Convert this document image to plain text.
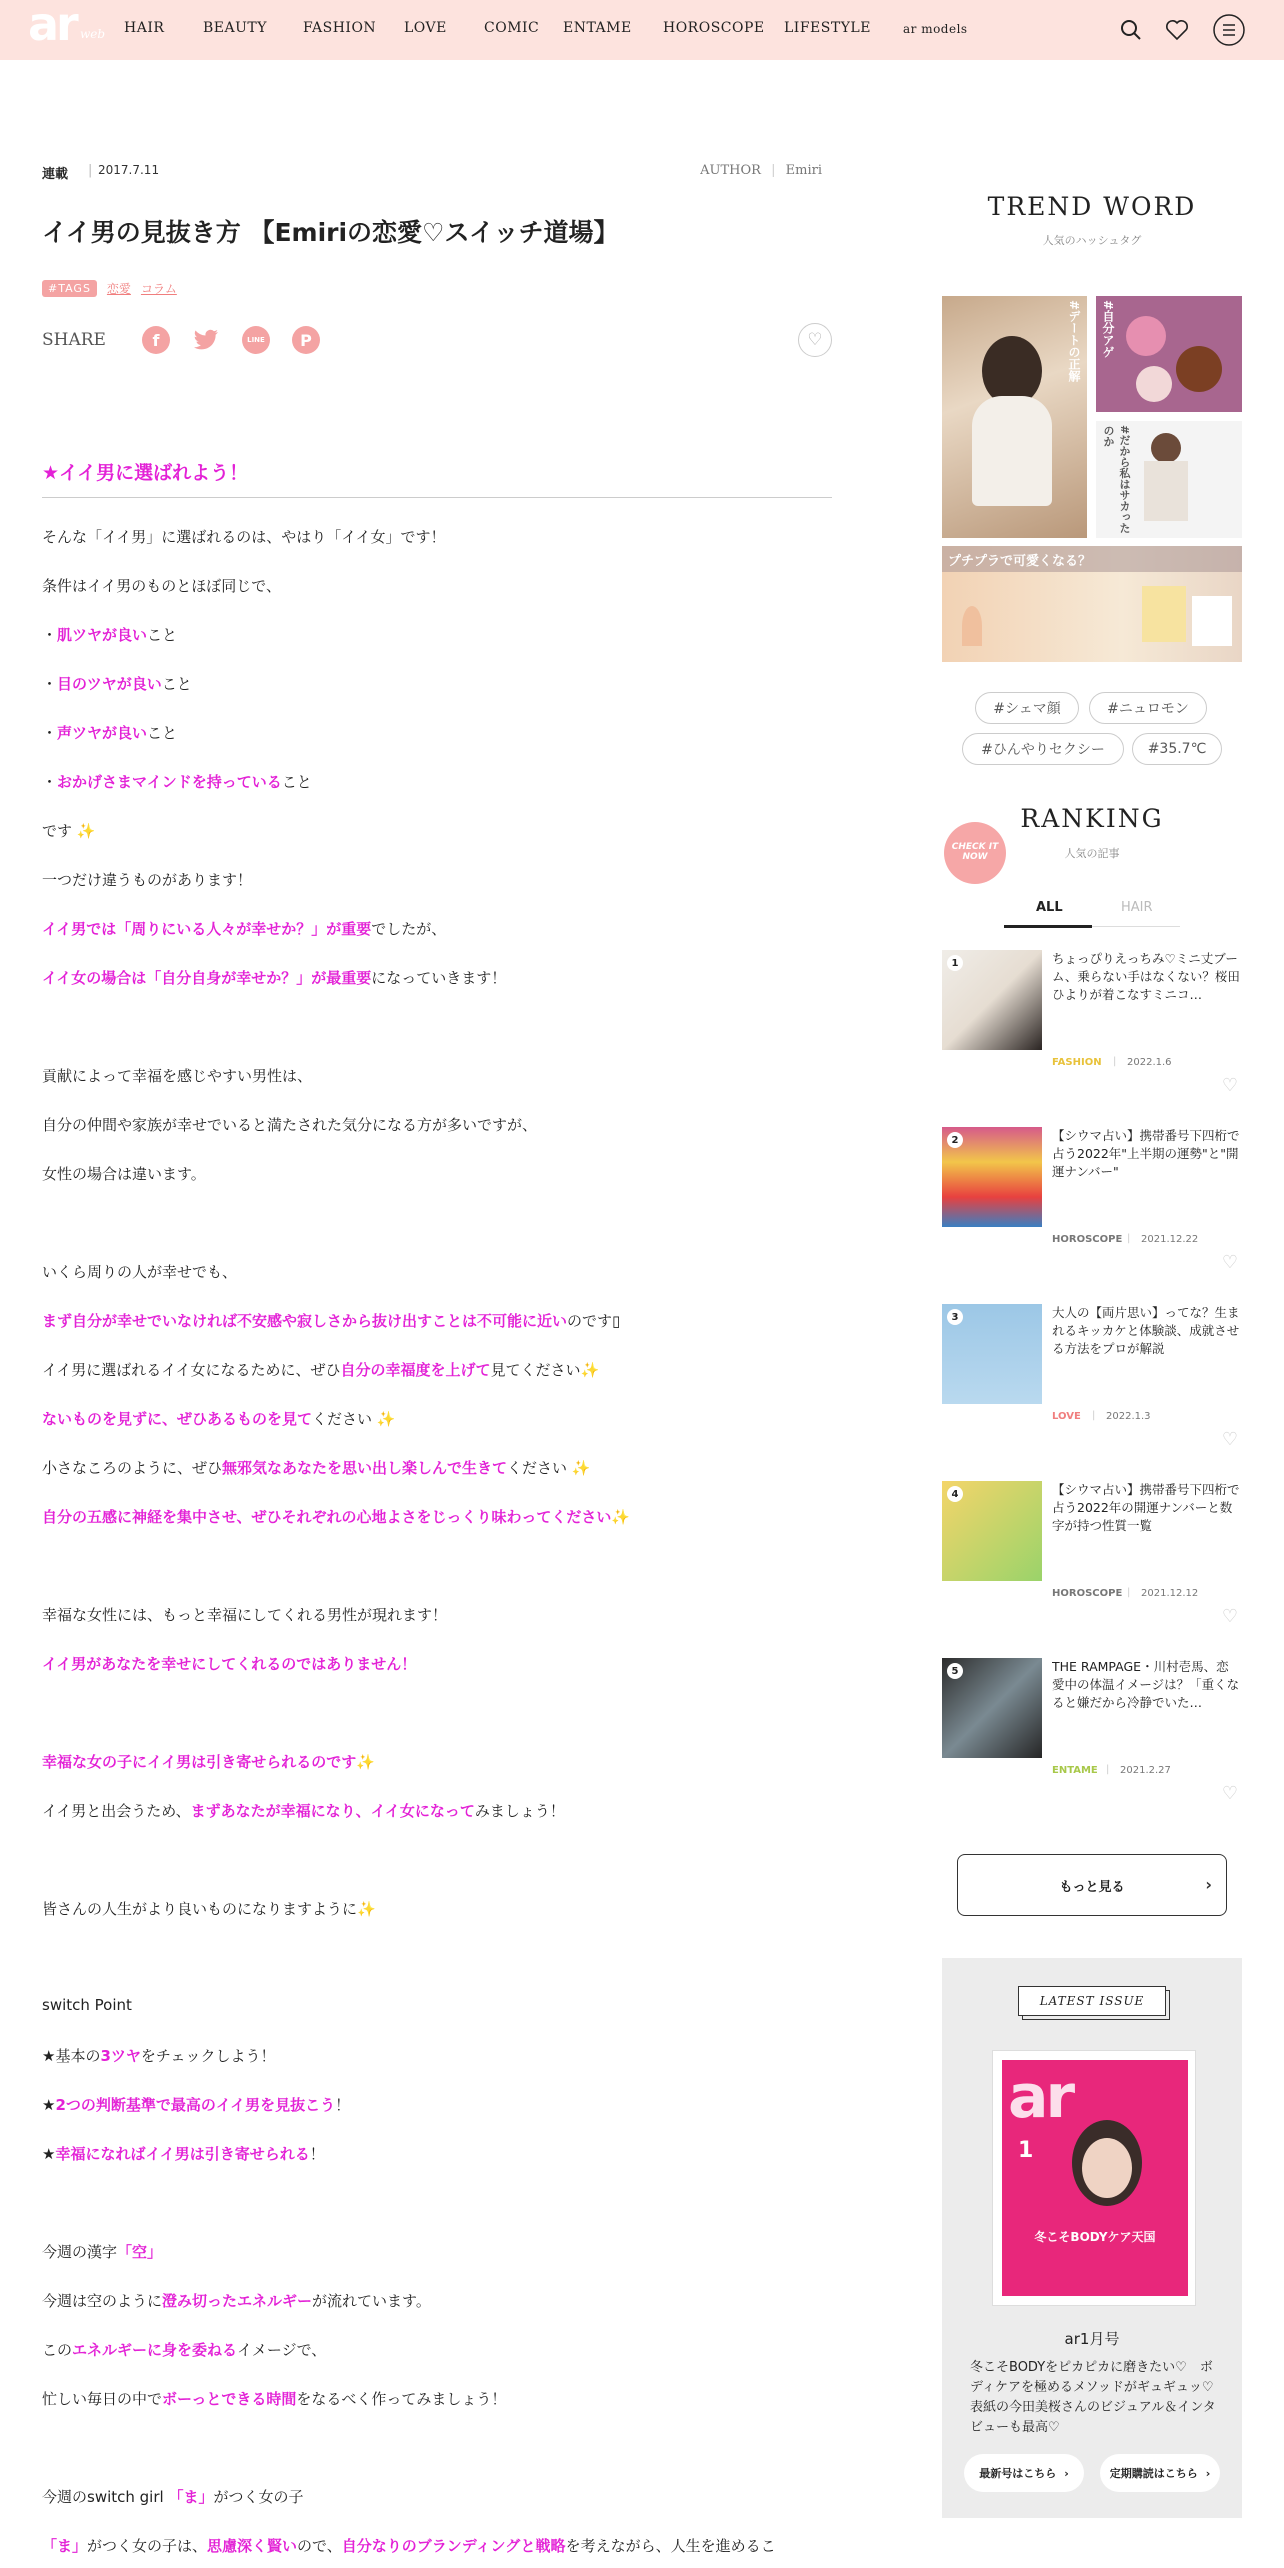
ar web HAIR	BEAUTY	FASHION LOVE	COMIC ENTAME HOROSCOPE LIFESTYLE	ar models
連載 | 2017.7.11	AUTHOR | Emiri
イイ男の見抜き方 【Emiriの恋愛♡スイッチ道場】
#TAGS	恋愛 コラム
SHARE	f	LINE	P	♡
★イイ男に選ばれよう！

そんな「イイ男」に選ばれるのは、やはり「イイ女」です！

条件はイイ男のものとほぼ同じで、

・肌ツヤが良いこと

・目のツヤが良いこと

・声ツヤが良いこと

・おかげさまマインドを持っていること

です ✨

一つだけ違うものがあります！

イイ男では「周りにいる人々が幸せか？」が重要でしたが、

イイ女の場合は「自分自身が幸せか？」が最重要になっていきます！

貢献によって幸福を感じやすい男性は、

自分の仲間や家族が幸せでいると満たされた気分になる方が多いですが、

女性の場合は違います。

いくら周りの人が幸せでも、

まず自分が幸せでいなければ不安感や寂しさから抜け出すことは不可能に近いのです▯

イイ男に選ばれるイイ女になるために、ぜひ自分の幸福度を上げて見てください✨

ないものを見ずに、ぜひあるものを見てください ✨

小さなころのように、ぜひ無邪気なあなたを思い出し楽しんで生きてください ✨

自分の五感に神経を集中させ、ぜひそれぞれの心地よさをじっくり味わってください✨

幸福な女性には、もっと幸福にしてくれる男性が現れます！

イイ男があなたを幸せにしてくれるのではありません！

幸福な女の子にイイ男は引き寄せられるのです✨

イイ男と出会うため、まずあなたが幸福になり、イイ女になってみましょう！

皆さんの人生がより良いものになりますように✨

switch Point

★基本の3ツヤをチェックしよう！

★2つの判断基準で最高のイイ男を見抜こう！

★幸福になればイイ男は引き寄せられる！

今週の漢字「空」

今週は空のように澄み切ったエネルギーが流れています。

このエネルギーに身を委ねるイメージで、

忙しい毎日の中でボーっとできる時間をなるべく作ってみましょう！

今週のswitch girl 「ま」がつく女の子

「ま」がつく女の子は、思慮深く賢いので、自分なりのブランディングと戦略を考えながら、人生を進めるこ

TREND WORD
人気のハッシュタグ
#デートの正解 #自分アゲ
#だから私はサカったのか
プチプラで可愛くなる？
#シェマ顔	#ニュロモン
#ひんやりセクシー	#35.7℃
CHECK IT NOW
RANKING
人気の記事
ALL	HAIR
1	ちょっぴりえっちみ♡ミニ丈ブーム、乗らない手はなくない？桜田ひよりが着こなすミニコ…
FASHION | 2022.1.6
♡
2	【シウマ占い】携帯番号下四桁で占う2022年"上半期の運勢"と"開運ナンバー"
HOROSCOPE | 2021.12.22
♡
3	大人の【両片思い】ってな？生まれるキッカケと体験談、成就させる方法をプロが解説
LOVE | 2022.1.3
♡
4	【シウマ占い】携帯番号下四桁で占う2022年の開運ナンバーと数字が持つ性質一覧
HOROSCOPE | 2021.12.12
♡
5	THE RAMPAGE・川村壱馬、恋愛中の体温イメージは？「重くなると嫌だから冷静でいた…
ENTAME | 2021.2.27
♡
もっと見る	›
LATEST ISSUE
ar
1
冬こそBODYケア天国
ar1月号
冬こそBODYをピカピカに磨きたい♡　ボディケアを極めるメソッドがギュギュッ♡ 表紙の今田美桜さんのビジュアル＆インタビューも最高♡
最新号はこちら ›	定期購読はこちら ›
